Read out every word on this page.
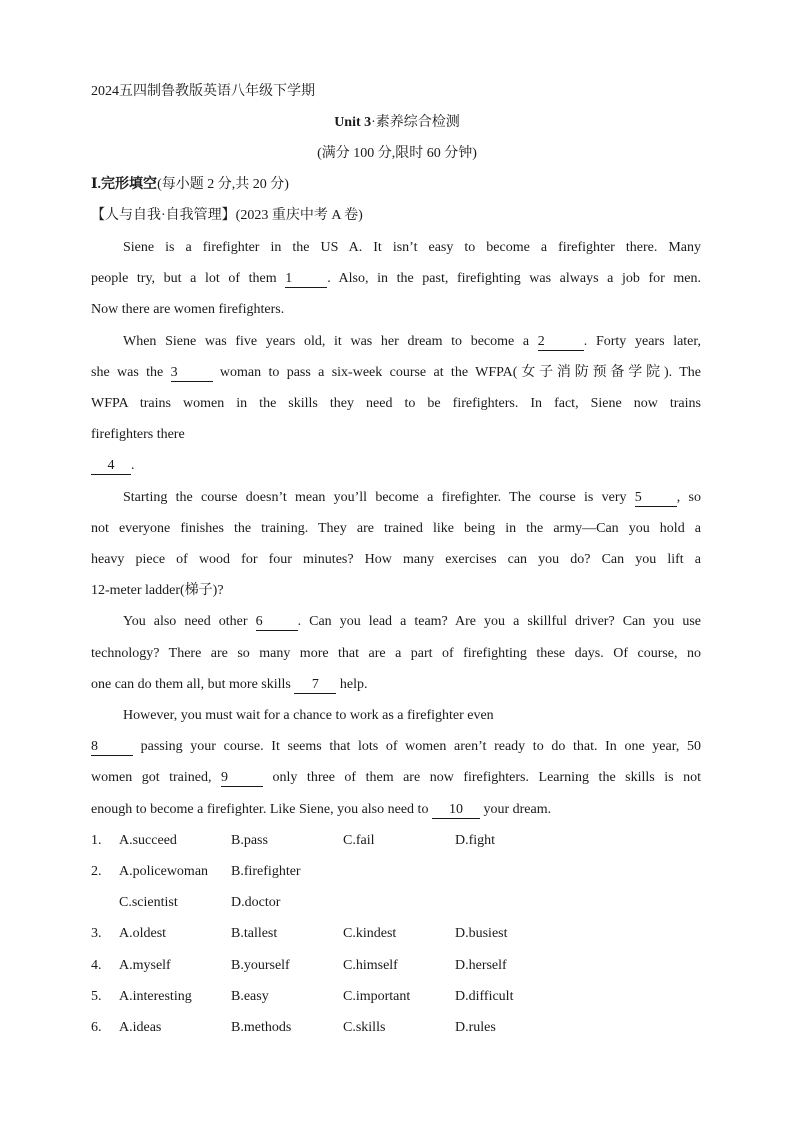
2024五四制鲁教版英语八年级下学期
Unit 3·素养综合检测
(满分 100 分,限时 60 分钟)
Ⅰ.完形填空(每小题 2 分,共 20 分)
【人与自我·自我管理】(2023 重庆中考 A 卷)
Siene is a firefighter in the US A. It isn’t easy to become a firefighter there. Many
people try, but a lot of them 1	. Also, in the past, firefighting was always a job for men.
Now there are women firefighters.
When Siene was five years old, it was her dream to become a 2	. Forty years later,
she was the 3	woman to pass a six-week course at the WFPA(女子消防预备学院). The
WFPA trains women in the skills they need to be firefighters. In fact, Siene now trains
firefighters there
4 .
Starting the course doesn’t mean you’ll become a firefighter. The course is very 5	, so
not everyone finishes the training. They are trained like being in the army—Can you hold a
heavy piece of wood for four minutes? How many exercises can you do? Can you lift a
12-meter ladder(梯子)?
You also need other 6	. Can you lead a team? Are you a skillful driver? Can you use
technology? There are so many more that are a part of firefighting these days. Of course, no
one can do them all, but more skills 7 help.
However, you must wait for a chance to work as a firefighter even
8	passing your course. It seems that lots of women aren’t ready to do that. In one year, 50
women got trained, 9	only three of them are now firefighters. Learning the skills is not
enough to become a firefighter. Like Siene, you also need to 10 your dream.
1. A.succeed	B.pass	C.fail	D.fight
2. A.policewoman B.firefighter
C.scientist	D.doctor
3. A.oldest	B.tallest	C.kindest	D.busiest
4. A.myself	B.yourself	C.himself	D.herself
5. A.interesting	B.easy	C.important	D.difficult
6. A.ideas	B.methods	C.skills	D.rules
